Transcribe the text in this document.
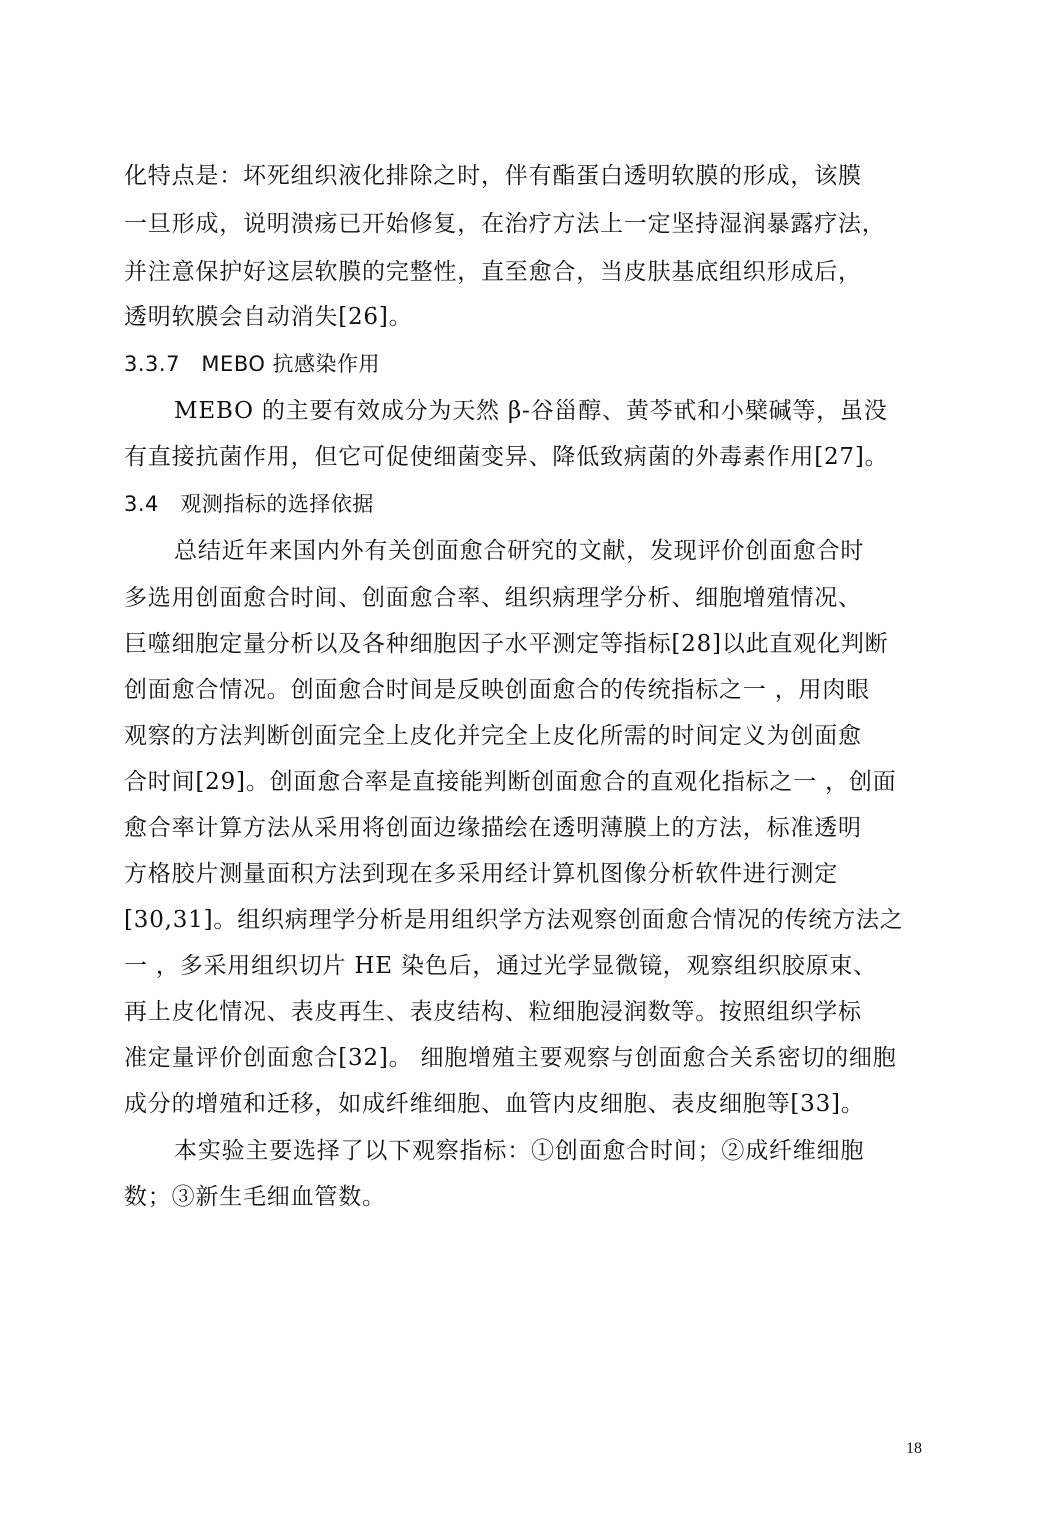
化特点是：坏死组织液化排除之时，伴有酯蛋白透明软膜的形成，该膜
一旦形成，说明溃疡已开始修复，在治疗方法上一定坚持湿润暴露疗法，
并注意保护好这层软膜的完整性，直至愈合，当皮肤基底组织形成后，
透明软膜会自动消失[26]。
3.3.7　MEBO 抗感染作用
MEBO 的主要有效成分为天然 β-谷甾醇、黄芩甙和小檗碱等，虽没
有直接抗菌作用，但它可促使细菌变异、降低致病菌的外毒素作用[27]。
3.4　观测指标的选择依据
总结近年来国内外有关创面愈合研究的文献，发现评价创面愈合时
多选用创面愈合时间、创面愈合率、组织病理学分析、细胞增殖情况、
巨噬细胞定量分析以及各种细胞因子水平测定等指标[28]以此直观化判断
创面愈合情况。创面愈合时间是反映创面愈合的传统指标之一 ，用肉眼
观察的方法判断创面完全上皮化并完全上皮化所需的时间定义为创面愈
合时间[29]。创面愈合率是直接能判断创面愈合的直观化指标之一 ，创面
愈合率计算方法从采用将创面边缘描绘在透明薄膜上的方法，标准透明
方格胶片测量面积方法到现在多采用经计算机图像分析软件进行测定
[30,31]。组织病理学分析是用组织学方法观察创面愈合情况的传统方法之
一 ，多采用组织切片 HE 染色后，通过光学显微镜，观察组织胶原束、
再上皮化情况、表皮再生、表皮结构、粒细胞浸润数等。按照组织学标
准定量评价创面愈合[32]。 细胞增殖主要观察与创面愈合关系密切的细胞
成分的增殖和迁移，如成纤维细胞、血管内皮细胞、表皮细胞等[33]。
本实验主要选择了以下观察指标：①创面愈合时间；②成纤维细胞
数；③新生毛细血管数。
18
